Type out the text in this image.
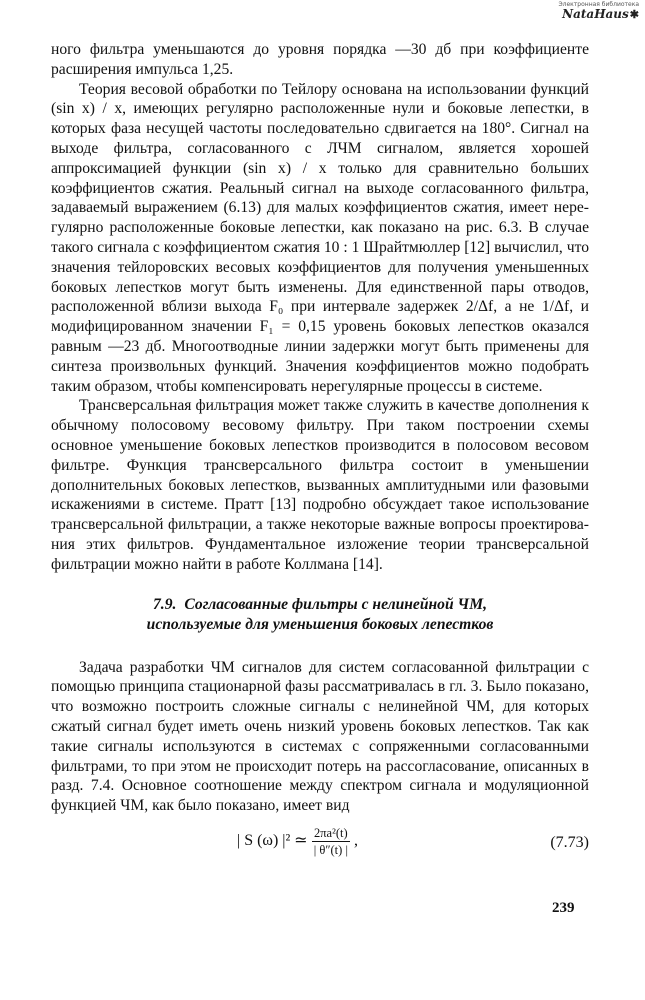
Электронная библиотека
NataHaus✱

ного фильтра уменьшаются до уровня порядка —30 дб при коэффициенте расширения импульса 1,25.

Теория весовой обработки по Тейлору основана на использовании функций (sin x) / x, имеющих регулярно расположенные нули и боковые лепестки, в которых фаза несущей частоты последовательно сдвигается на 180°. Сигнал на выходе фильтра, согласованного с ЛЧМ сигналом, является хорошей аппроксимацией функции (sin x) / x только для сравнительно больших коэффициентов сжатия. Реальный сигнал на выходе согласованного фильтра, задаваемый выражением (6.13) для малых коэффициентов сжатия, имеет нерегулярно расположенные боковые лепестки, как показано на рис. 6.3. В случае такого сигнала с коэффициентом сжатия 10 : 1 Шрайтмюллер [12] вычислил, что значения тейлоровских весовых коэффициентов для получения уменьшенных боковых лепестков могут быть изменены. Для единственной пары отводов, расположенной вблизи выхода F₀ при интервале задержек 2/Δf, а не 1/Δf, и модифицированном значении F₁ = 0,15 уровень боковых лепестков оказался равным —23 дб. Многоотводные линии задержки могут быть применены для синтеза произвольных функций. Значения коэффициентов можно подобрать таким образом, чтобы компенсировать нерегулярные процессы в системе.

Трансверсальная фильтрация может также служить в качестве дополнения к обычному полосовому весовому фильтру. При таком построении схемы основное уменьшение боковых лепестков производится в полосовом весовом фильтре. Функция трансверсального фильтра состоит в уменьшении дополнительных боковых лепестков, вызванных амплитудными или фазовыми искажениями в системе. Пратт [13] подробно обсуждает такое использование трансверсальной фильтрации, а также некоторые важные вопросы проектирования этих фильтров. Фундаментальное изложение теории трансверсальной фильтрации можно найти в работе Коллмана [14].

7.9. Согласованные фильтры с нелинейной ЧМ,
используемые для уменьшения боковых лепестков

Задача разработки ЧМ сигналов для систем согласованной фильтрации с помощью принципа стационарной фазы рассматривалась в гл. 3. Было показано, что возможно построить сложные сигналы с нелинейной ЧМ, для которых сжатый сигнал будет иметь очень низкий уровень боковых лепестков. Так как такие сигналы используются в системах с сопряженными согласованными фильтрами, то при этом не происходит потерь на рассогласование, описанных в разд. 7.4. Основное соотношение между спектром сигнала и модуляционной функцией ЧМ, как было показано, имеет вид

| S (ω) |² ≃ $\frac{\text{2πa²(t)}}{| \theta''(t) |}$ ,	(7.73)
239
